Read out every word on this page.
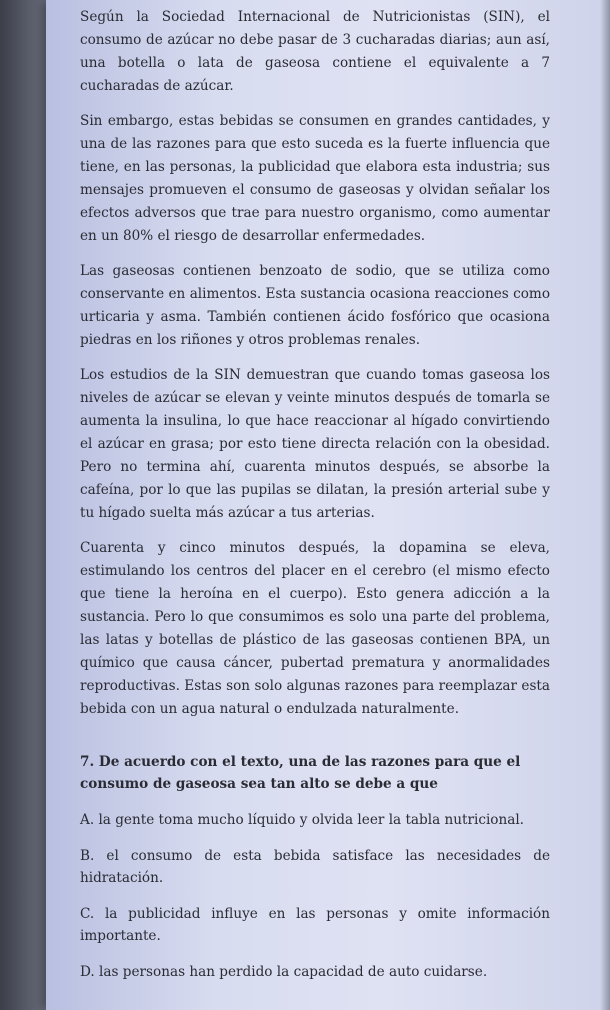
Según la Sociedad Internacional de Nutricionistas (SIN), el consumo de azúcar no debe pasar de 3 cucharadas diarias; aun así, una botella o lata de gaseosa contiene el equivalente a 7 cucharadas de azúcar.

Sin embargo, estas bebidas se consumen en grandes cantidades, y una de las razones para que esto suceda es la fuerte influencia que tiene, en las personas, la publicidad que elabora esta industria; sus mensajes promueven el consumo de gaseosas y olvidan señalar los efectos adversos que trae para nuestro organismo, como aumentar en un 80% el riesgo de desarrollar enfermedades.

Las gaseosas contienen benzoato de sodio, que se utiliza como conservante en alimentos. Esta sustancia ocasiona reacciones como urticaria y asma. También contienen ácido fosfórico que ocasiona piedras en los riñones y otros problemas renales.

Los estudios de la SIN demuestran que cuando tomas gaseosa los niveles de azúcar se elevan y veinte minutos después de tomarla se aumenta la insulina, lo que hace reaccionar al hígado convirtiendo el azúcar en grasa; por esto tiene directa relación con la obesidad. Pero no termina ahí, cuarenta minutos después, se absorbe la cafeína, por lo que las pupilas se dilatan, la presión arterial sube y tu hígado suelta más azúcar a tus arterias.

Cuarenta y cinco minutos después, la dopamina se eleva, estimulando los centros del placer en el cerebro (el mismo efecto que tiene la heroína en el cuerpo). Esto genera adicción a la sustancia. Pero lo que consumimos es solo una parte del problema, las latas y botellas de plástico de las gaseosas contienen BPA, un químico que causa cáncer, pubertad prematura y anormalidades reproductivas. Estas son solo algunas razones para reemplazar esta bebida con un agua natural o endulzada naturalmente.

7. De acuerdo con el texto, una de las razones para que el consumo de gaseosa sea tan alto se debe a que
A. la gente toma mucho líquido y olvida leer la tabla nutricional.
B. el consumo de esta bebida satisface las necesidades de hidratación.
C. la publicidad influye en las personas y omite información importante.
D. las personas han perdido la capacidad de auto cuidarse.
